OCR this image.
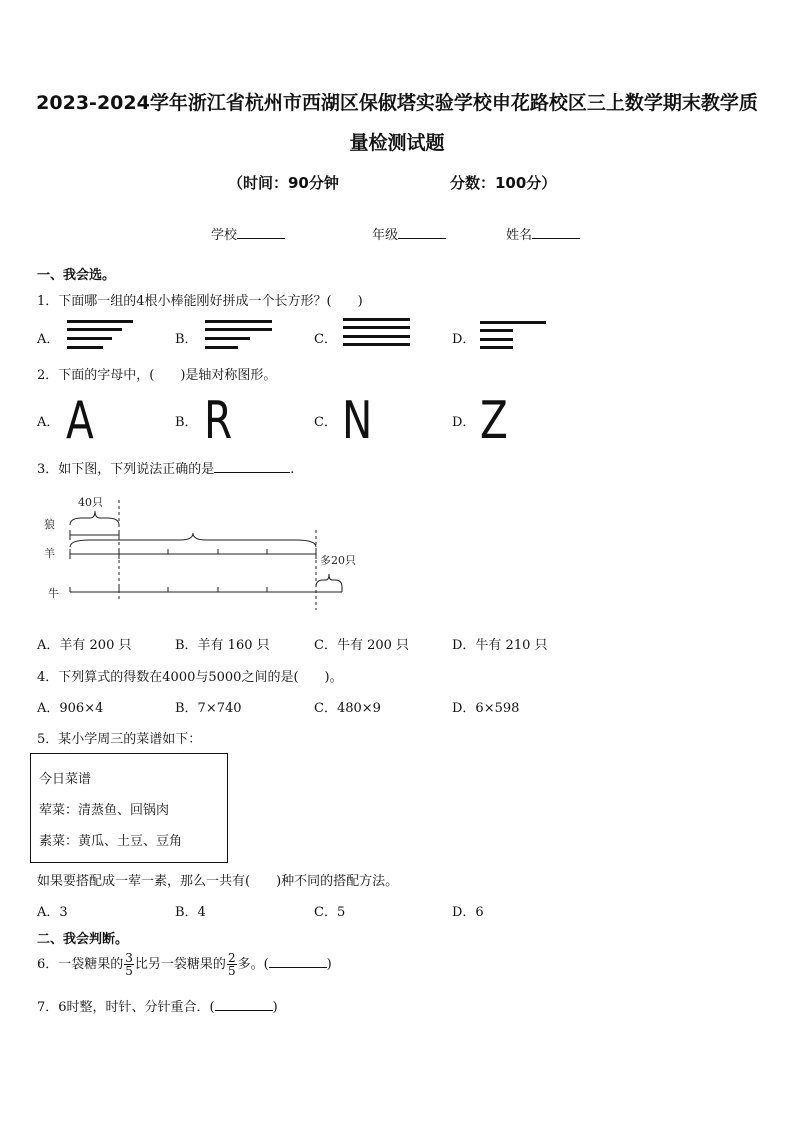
2023-2024学年浙江省杭州市西湖区保俶塔实验学校申花路校区三上数学期末教学质
量检测试题
（时间：90分钟	分数：100分）
学校	年级	姓名
一、我会选。
1．下面哪一组的4根小棒能刚好拼成一个长方形？(　　)
A．	B．	C．	D．
2．下面的字母中，(　　)是轴对称图形。
A． A	B． R	C． N	D． Z
3．如下图，下列说法正确的是	.
狼
羊
牛
40只
多20只
A．羊有 200 只	B．羊有 160 只	C．牛有 200 只	D．牛有 210 只
4．下列算式的得数在4000与5000之间的是(　　)。
A．906×4	B．7×740	C．480×9	D．6×598
5．某小学周三的菜谱如下：
今日菜谱
荤菜：清蒸鱼、回锅肉
素菜：黄瓜、土豆、豆角
如果要搭配成一荤一素，那么一共有(　　)种不同的搭配方法。
A．3	B．4	C．5	D．6
二、我会判断。
6．一袋糖果的 $\frac{3}{5}$ 比另一袋糖果的 $\frac{2}{5}$ 多。(	)
7．6时整，时针、分针重合．(	)
